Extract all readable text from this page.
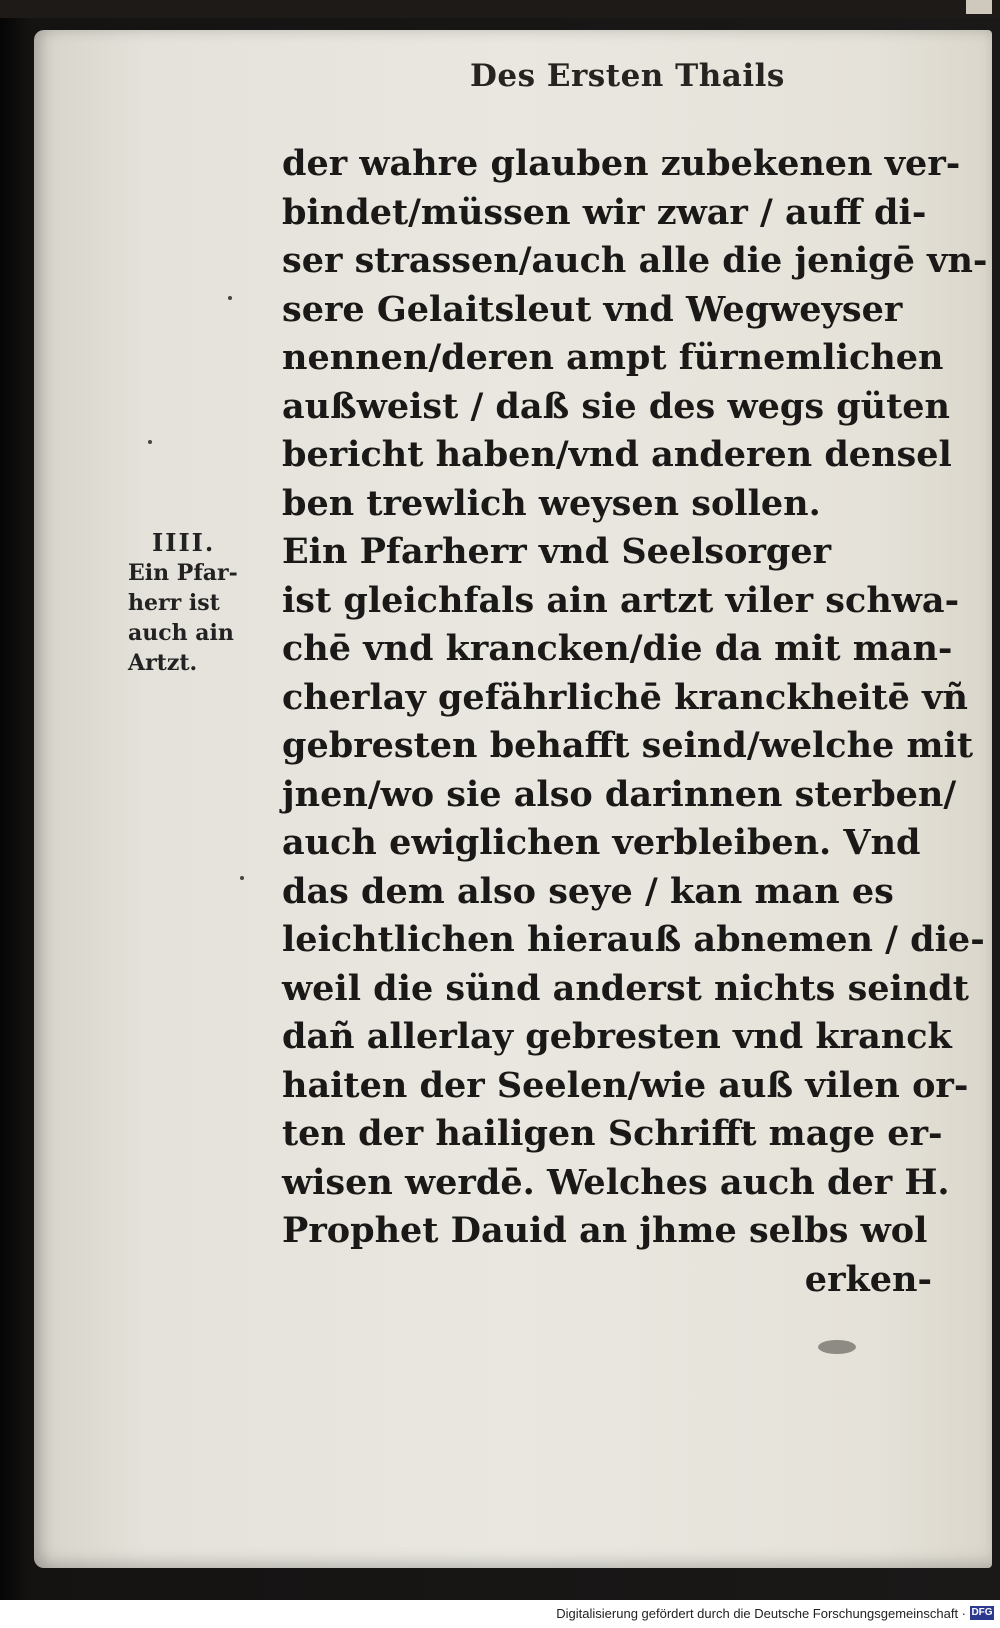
Des Ersten Thails
IIII.
Ein Pfar-
herr ist
auch ain
Artzt.
der wahre glauben zubekenen ver-
bindet/müssen wir zwar / auff di-
ser strassen/auch alle die jenigē vn-
sere Gelaitsleut vnd Wegweyser
nennen/deren ampt fürnemlichen
außweist / daß sie des wegs güten
bericht haben/vnd anderen densel
ben trewlich weysen sollen.
Ein Pfarherr vnd Seelsorger
ist gleichfals ain artzt viler schwa-
chē vnd krancken/die da mit man-
cherlay gefährlichē kranckheitē vñ
gebresten behafft seind/welche mit
jnen/wo sie also darinnen sterben/
auch ewiglichen verbleiben. Vnd
das dem also seye / kan man es
leichtlichen hierauß abnemen / die-
weil die sünd anderst nichts seindt
dañ allerlay gebresten vnd kranck
haiten der Seelen/wie auß vilen or-
ten der hailigen Schrifft mage er-
wisen werdē. Welches auch der H.
Prophet Dauid an jhme selbs wol
erken-
Digitalisierung gefördert durch die Deutsche Forschungsgemeinschaft · DFG
